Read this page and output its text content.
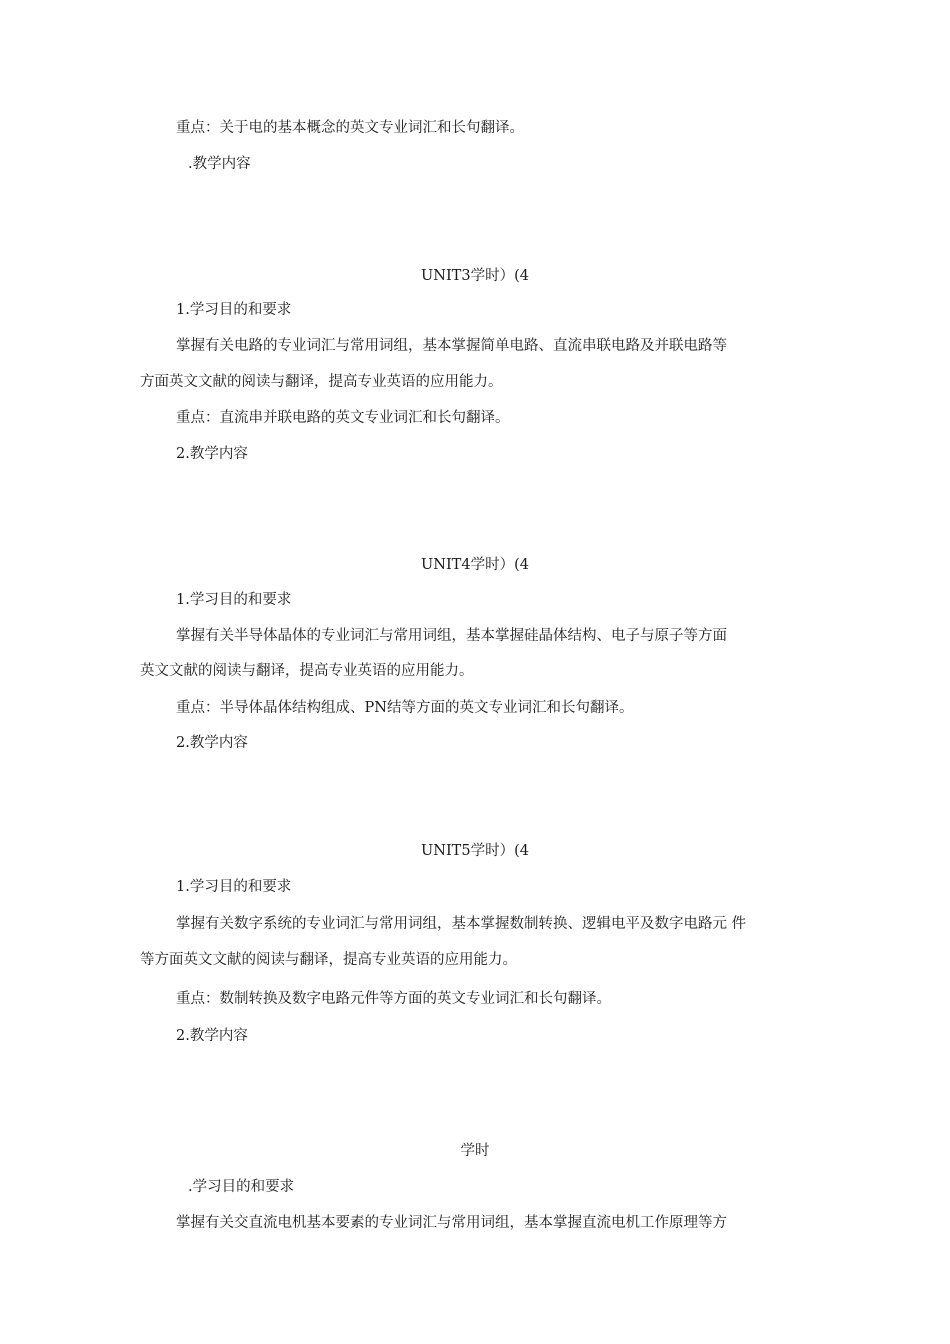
重点：关于电的基本概念的英文专业词汇和长句翻译。
.教学内容
UNIT3学时）(4
1.学习目的和要求
掌握有关电路的专业词汇与常用词组，基本掌握简单电路、直流串联电路及并联电路等
方面英文文献的阅读与翻译，提高专业英语的应用能力。
重点：直流串并联电路的英文专业词汇和长句翻译。
2.教学内容
UNIT4学时）(4
1.学习目的和要求
掌握有关半导体晶体的专业词汇与常用词组，基本掌握硅晶体结构、电子与原子等方面
英文文献的阅读与翻译，提高专业英语的应用能力。
重点：半导体晶体结构组成、PN结等方面的英文专业词汇和长句翻译。
2.教学内容
UNIT5学时）(4
1.学习目的和要求
掌握有关数字系统的专业词汇与常用词组，基本掌握数制转换、逻辑电平及数字电路元 件
等方面英文文献的阅读与翻译，提高专业英语的应用能力。
重点：数制转换及数字电路元件等方面的英文专业词汇和长句翻译。
2.教学内容
学时
.学习目的和要求
掌握有关交直流电机基本要素的专业词汇与常用词组，基本掌握直流电机工作原理等方
